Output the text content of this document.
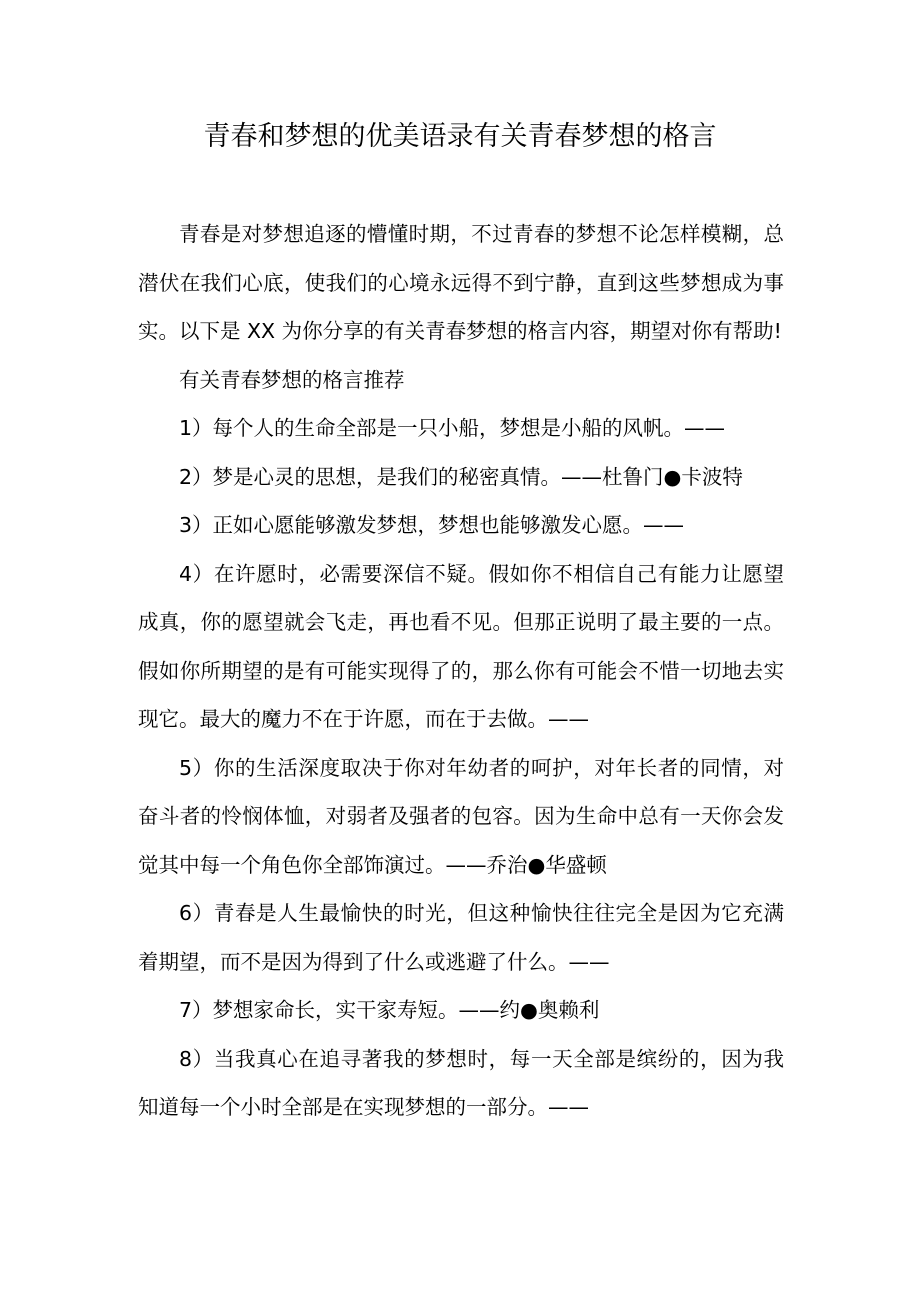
青春和梦想的优美语录有关青春梦想的格言

青春是对梦想追逐的懵懂时期，不过青春的梦想不论怎样模糊，总潜伏在我们心底，使我们的心境永远得不到宁静，直到这些梦想成为事实。以下是 XX 为你分享的有关青春梦想的格言内容，期望对你有帮助!

有关青春梦想的格言推荐

1）每个人的生命全部是一只小船，梦想是小船的风帆。——

2）梦是心灵的思想，是我们的秘密真情。——杜鲁门●卡波特

3）正如心愿能够激发梦想，梦想也能够激发心愿。——

4）在许愿时，必需要深信不疑。假如你不相信自己有能力让愿望成真，你的愿望就会飞走，再也看不见。但那正说明了最主要的一点。假如你所期望的是有可能实现得了的，那么你有可能会不惜一切地去实现它。最大的魔力不在于许愿，而在于去做。——

5）你的生活深度取决于你对年幼者的呵护，对年长者的同情，对奋斗者的怜悯体恤，对弱者及强者的包容。因为生命中总有一天你会发觉其中每一个角色你全部饰演过。——乔治●华盛顿

6）青春是人生最愉快的时光，但这种愉快往往完全是因为它充满着期望，而不是因为得到了什么或逃避了什么。——

7）梦想家命长，实干家寿短。——约●奥赖利

8）当我真心在追寻著我的梦想时，每一天全部是缤纷的，因为我知道每一个小时全部是在实现梦想的一部分。——
